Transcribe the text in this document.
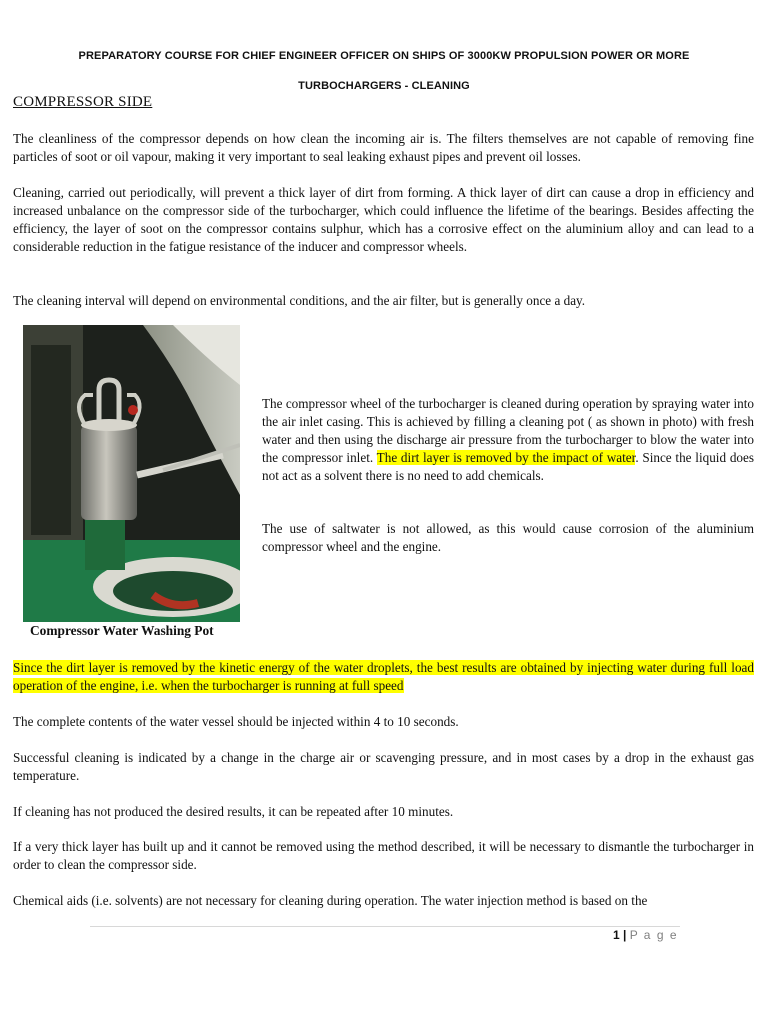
PREPARATORY COURSE FOR CHIEF ENGINEER OFFICER ON SHIPS OF 3000KW PROPULSION POWER OR MORE
TURBOCHARGERS - CLEANING
COMPRESSOR SIDE

The cleanliness of the compressor depends on how clean the incoming air is. The filters themselves are not capable of removing fine particles of soot or oil vapour, making it very important to seal leaking exhaust pipes and prevent oil losses.

Cleaning, carried out periodically, will prevent a thick layer of dirt from forming. A thick layer of dirt can cause a drop in efficiency and increased unbalance on the compressor side of the turbocharger, which could influence the lifetime of the bearings. Besides affecting the efficiency, the layer of soot on the compressor contains sulphur, which has a corrosive effect on the aluminium alloy and can lead to a considerable reduction in the fatigue resistance of the inducer and compressor wheels.

The cleaning interval will depend on environmental conditions, and the air filter, but is generally once a day.

Compressor Water Washing Pot

The compressor wheel of the turbocharger is cleaned during operation by spraying water into the air inlet casing. This is achieved by filling a cleaning pot ( as shown in photo) with fresh water and then using the discharge air pressure from the turbocharger to blow the water into the compressor inlet. The dirt layer is removed by the impact of water. Since the liquid does not act as a solvent there is no need to add chemicals.

The use of saltwater is not allowed, as this would cause corrosion of the aluminium compressor wheel and the engine.

Since the dirt layer is removed by the kinetic energy of the water droplets, the best results are obtained by injecting water during full load operation of the engine, i.e. when the turbocharger is running at full speed

The complete contents of the water vessel should be injected within 4 to 10 seconds.

Successful cleaning is indicated by a change in the charge air or scavenging pressure, and in most cases by a drop in the exhaust gas temperature.

If cleaning has not produced the desired results, it can be repeated after 10 minutes.

If a very thick layer has built up and it cannot be removed using the method described, it will be necessary to dismantle the turbocharger in order to clean the compressor side.

Chemical aids (i.e. solvents) are not necessary for cleaning during operation. The water injection method is based on the

1 | P a g e
